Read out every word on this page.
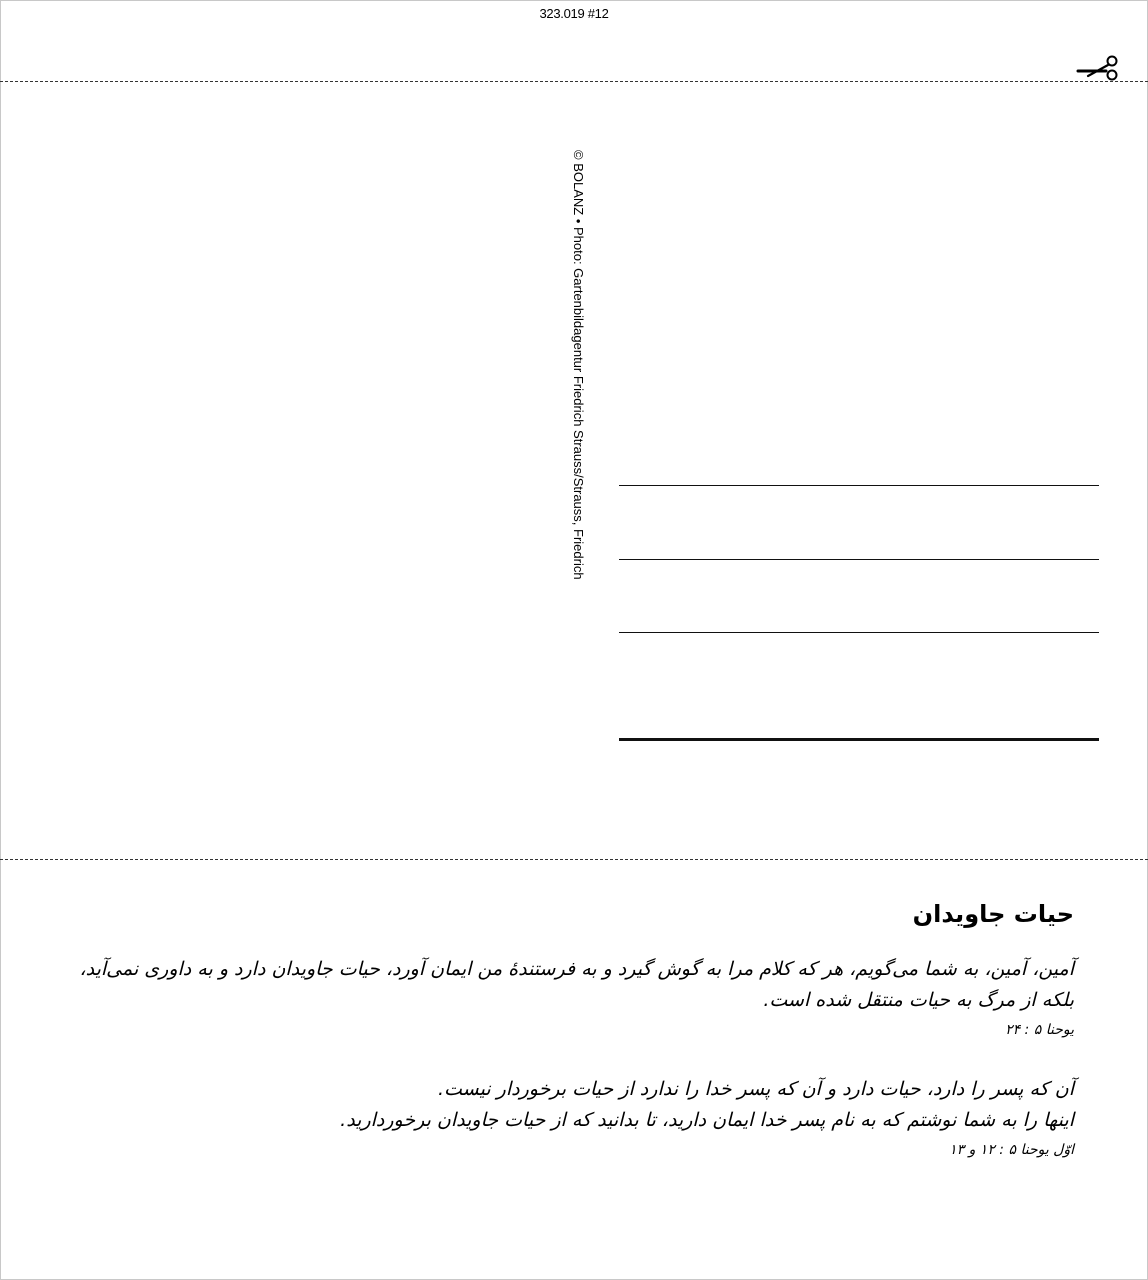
323.019 #12
© BOLANZ • Photo: Gartenbildagentur Friedrich Strauss/Strauss, Friedrich

حیات جاویدان

آمین، آمین، به شما می‌گویم، هر که کلام مرا به گوش گیرد و به فرستندهٔ من ایمان آورد، حیات جاویدان دارد و به داوری نمی‌آید، بلکه از مرگ به حیات منتقل شده است.

یوحنا ۵ : ۲۴

آن که پسر را دارد، حیات دارد و آن که پسر خدا را ندارد از حیات برخوردار نیست.

اینها را به شما نوشتم که به نام پسر خدا ایمان دارید، تا بدانید که از حیات جاویدان برخوردارید.

اوّل یوحنا ۵ : ۱۲ و ۱۳
